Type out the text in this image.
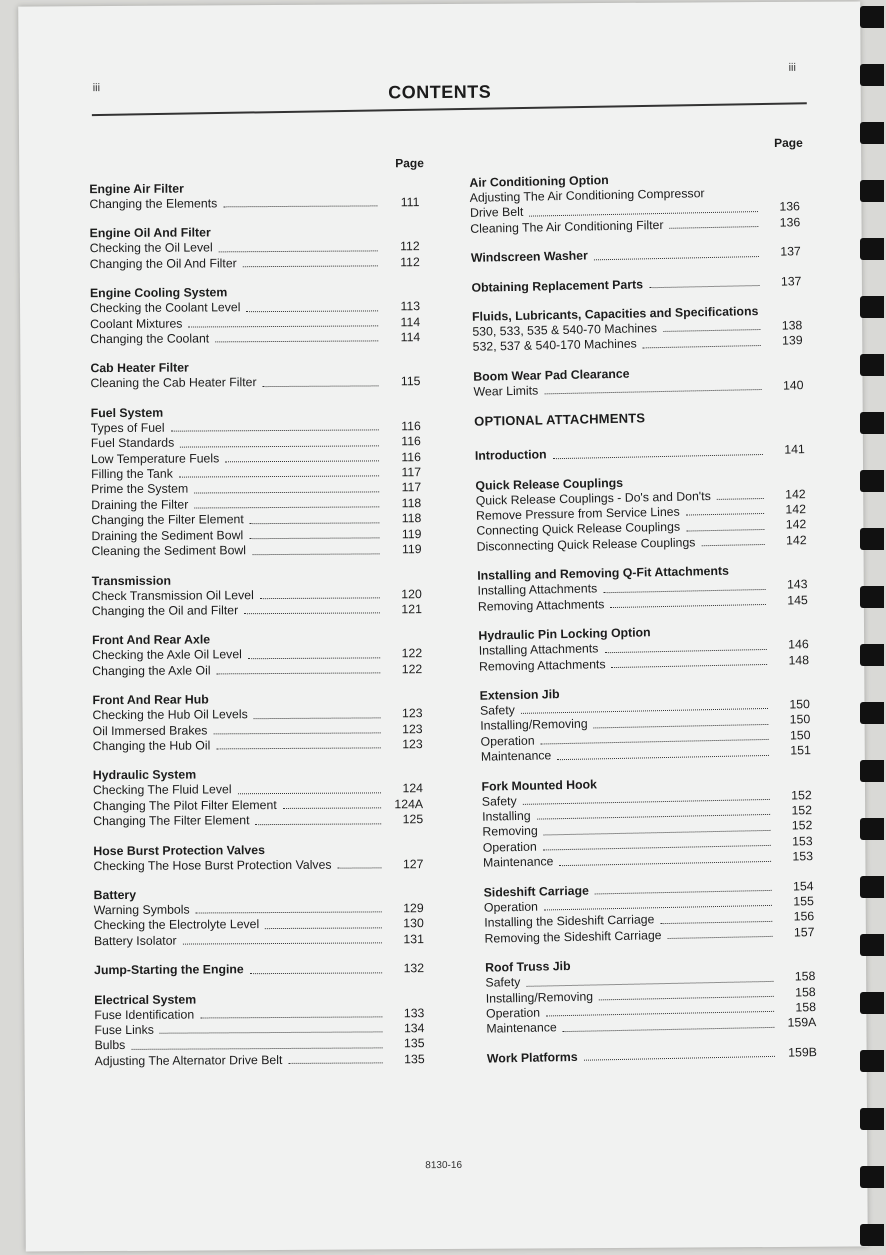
iii
iii
CONTENTS
Page
Page
Engine Air Filter
Changing the Elements	111
Engine Oil And Filter
Checking the Oil Level	112
Changing the Oil And Filter	112
Engine Cooling System
Checking the Coolant Level	113
Coolant Mixtures	114
Changing the Coolant	114
Cab Heater Filter
Cleaning the Cab Heater Filter	115
Fuel System
Types of Fuel	116
Fuel Standards	116
Low Temperature Fuels	116
Filling the Tank	117
Prime the System	117
Draining the Filter	118
Changing the Filter Element	118
Draining the Sediment Bowl	119
Cleaning the Sediment Bowl	119
Transmission
Check Transmission Oil Level	120
Changing the Oil and Filter	121
Front And Rear Axle
Checking the Axle Oil Level	122
Changing the Axle Oil	122
Front And Rear Hub
Checking the Hub Oil Levels	123
Oil Immersed Brakes	123
Changing the Hub Oil	123
Hydraulic System
Checking The Fluid Level	124
Changing The Pilot Filter Element	124A
Changing The Filter Element	125
Hose Burst Protection Valves
Checking The Hose Burst Protection Valves	127
Battery
Warning Symbols	129
Checking the Electrolyte Level	130
Battery Isolator	131
Jump-Starting the Engine	132
Electrical System
Fuse Identification	133
Fuse Links	134
Bulbs	135
Adjusting The Alternator Drive Belt	135
Air Conditioning Option
Adjusting The Air Conditioning Compressor
Drive Belt	136
Cleaning The Air Conditioning Filter	136
Windscreen Washer	137
Obtaining Replacement Parts	137
Fluids, Lubricants, Capacities and Specifications
530, 533, 535 & 540-70 Machines	138
532, 537 & 540-170 Machines	139
Boom Wear Pad Clearance
Wear Limits	140
OPTIONAL ATTACHMENTS
Introduction	141
Quick Release Couplings
Quick Release Couplings - Do's and Don'ts	142
Remove Pressure from Service Lines	142
Connecting Quick Release Couplings	142
Disconnecting Quick Release Couplings	142
Installing and Removing Q-Fit Attachments
Installing Attachments	143
Removing Attachments	145
Hydraulic Pin Locking Option
Installing Attachments	146
Removing Attachments	148
Extension Jib
Safety	150
Installing/Removing	150
Operation	150
Maintenance	151
Fork Mounted Hook
Safety	152
Installing	152
Removing	152
Operation	153
Maintenance	153
Sideshift Carriage	154
Operation	155
Installing the Sideshift Carriage	156
Removing the Sideshift Carriage	157
Roof Truss Jib
Safety	158
Installing/Removing	158
Operation	158
Maintenance	159A
Work Platforms	159B
8130-16
